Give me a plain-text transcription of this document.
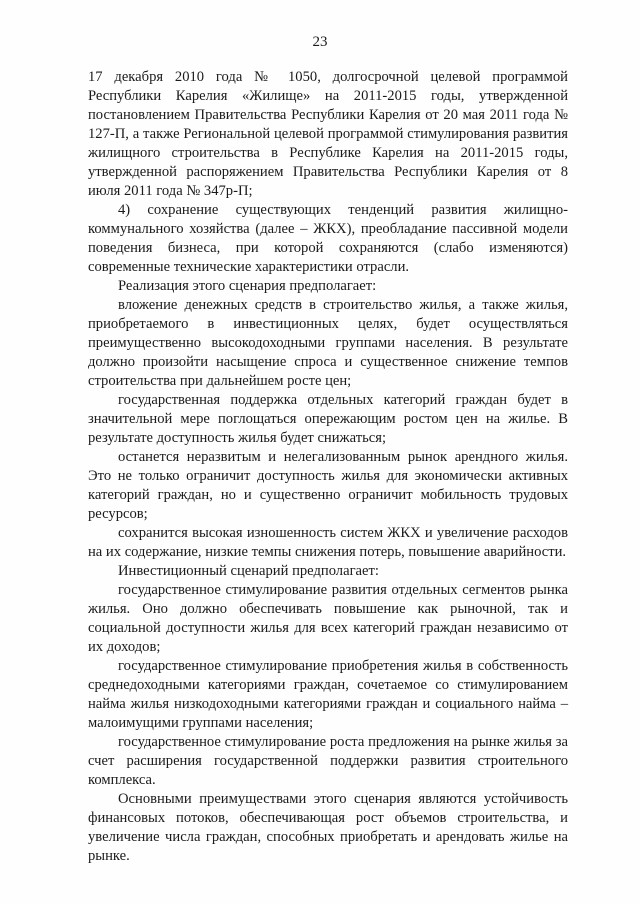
23

17 декабря 2010 года № 1050, долгосрочной целевой программой Республики Карелия «Жилище» на 2011-2015 годы, утвержденной постановлением Правительства Республики Карелия от 20 мая 2011 года № 127-П, а также Региональной целевой программой стимулирования развития жилищного строительства в Республике Карелия на 2011-2015 годы, утвержденной распоряжением Правительства Республики Карелия от 8 июля 2011 года № 347р-П;

4) сохранение существующих тенденций развития жилищно-коммунального хозяйства (далее – ЖКХ), преобладание пассивной модели поведения бизнеса, при которой сохраняются (слабо изменяются) современные технические характеристики отрасли.

Реализация этого сценария предполагает:

вложение денежных средств в строительство жилья, а также жилья, приобретаемого в инвестиционных целях, будет осуществляться преимущественно высокодоходными группами населения. В результате должно произойти насыщение спроса и существенное снижение темпов строительства при дальнейшем росте цен;

государственная поддержка отдельных категорий граждан будет в значительной мере поглощаться опережающим ростом цен на жилье. В результате доступность жилья будет снижаться;

останется неразвитым и нелегализованным рынок арендного жилья. Это не только ограничит доступность жилья для экономически активных категорий граждан, но и существенно ограничит мобильность трудовых ресурсов;

сохранится высокая изношенность систем ЖКХ и увеличение расходов на их содержание, низкие темпы снижения потерь, повышение аварийности.

Инвестиционный сценарий предполагает:

государственное стимулирование развития отдельных сегментов рынка жилья. Оно должно обеспечивать повышение как рыночной, так и социальной доступности жилья для всех категорий граждан независимо от их доходов;

государственное стимулирование приобретения жилья в собственность среднедоходными категориями граждан, сочетаемое со стимулированием найма жилья низкодоходными категориями граждан и социального найма – малоимущими группами населения;

государственное стимулирование роста предложения на рынке жилья за счет расширения государственной поддержки развития строительного комплекса.

Основными преимуществами этого сценария являются устойчивость финансовых потоков, обеспечивающая рост объемов строительства, и увеличение числа граждан, способных приобретать и арендовать жилье на рынке.
